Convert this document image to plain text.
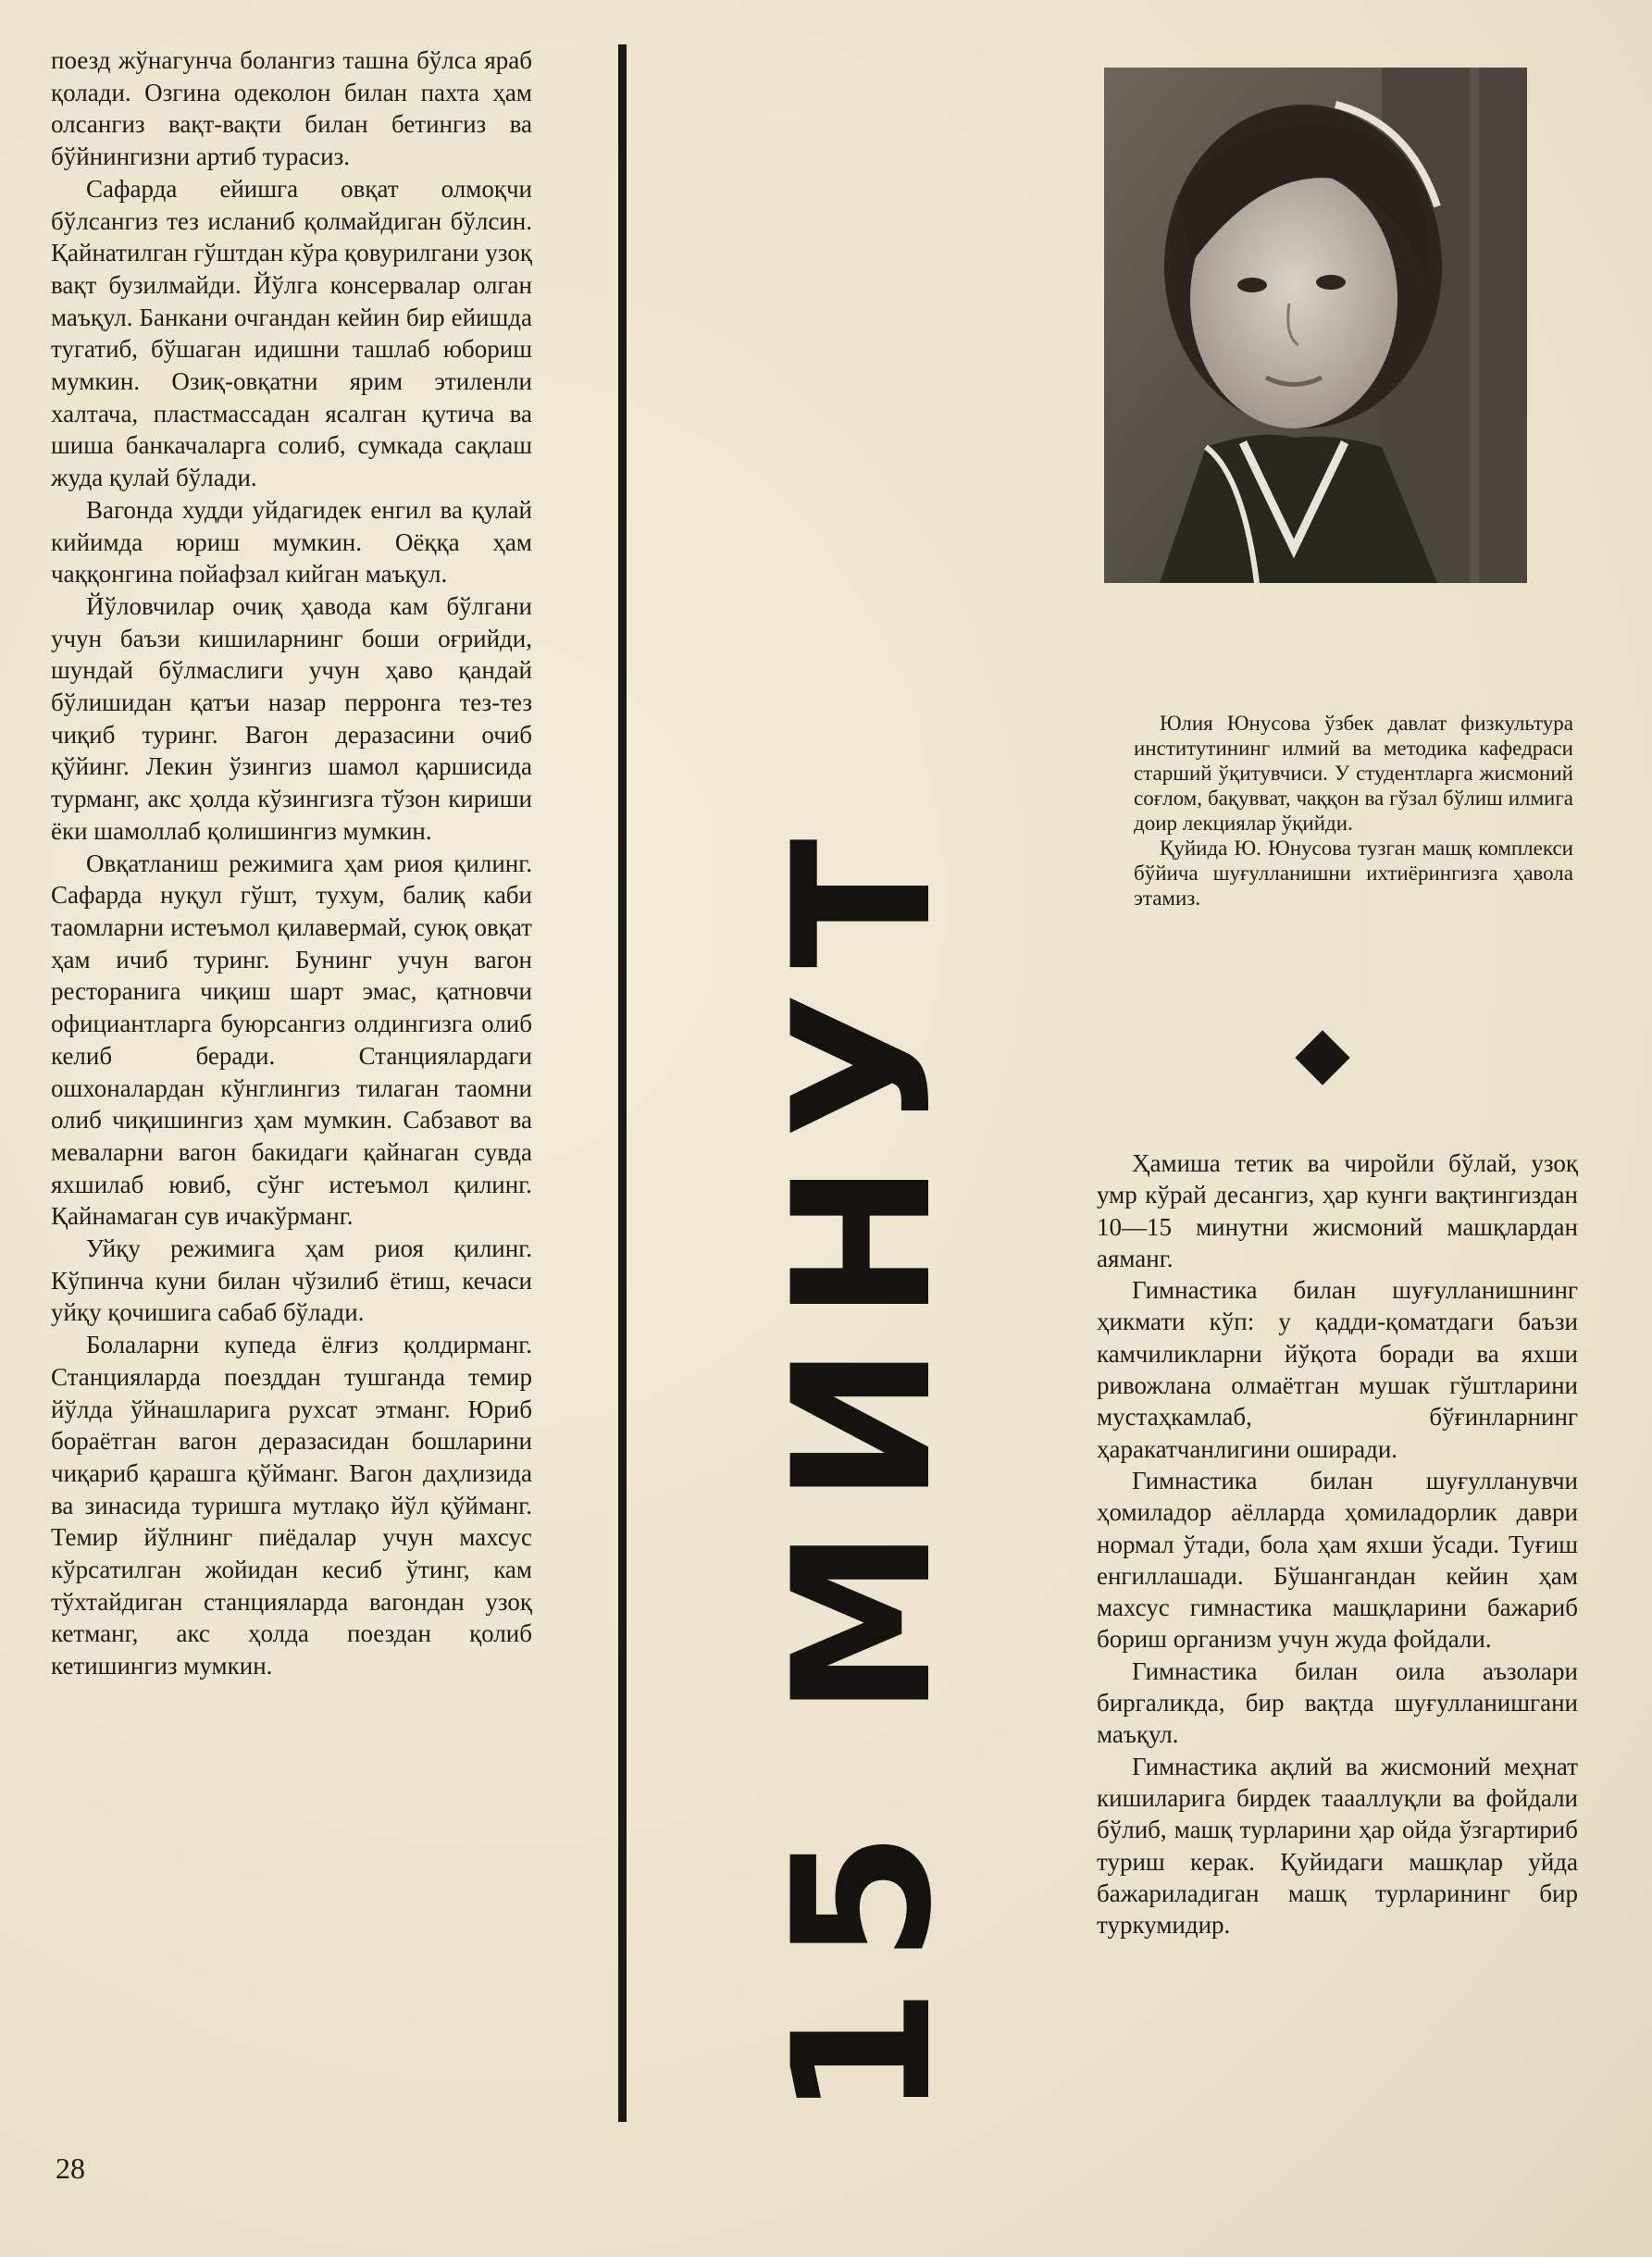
поезд жўнагунча болангиз ташна бўлса яраб қолади. Озгина одеколон билан пахта ҳам олсангиз вақт-вақти билан бетингиз ва бўйнингизни артиб турасиз.

Сафарда ейишга овқат олмоқчи бўлсангиз тез исланиб қолмайдиган бўлсин. Қайнатилган гўштдан кўра қовурилгани узоқ вақт бузилмайди. Йўлга консервалар олган маъқул. Банкани очгандан кейин бир ейишда тугатиб, бўшаган идишни ташлаб юбориш мумкин. Озиқ-овқатни ярим этиленли халтача, пластмассадан ясалган қутича ва шиша банкачаларга солиб, сумкада сақлаш жуда қулай бўлади.

Вагонда худди уйдагидек енгил ва қулай кийимда юриш мумкин. Оёққа ҳам чаққонгина пойафзал кийган маъқул.

Йўловчилар очиқ ҳавода кам бўлгани учун баъзи кишиларнинг боши оғрийди, шундай бўлмаслиги учун ҳаво қандай бўлишидан қатъи назар перронга тез-тез чиқиб туринг. Вагон деразасини очиб қўйинг. Лекин ўзингиз шамол қаршисида турманг, акс ҳолда кўзингизга тўзон кириши ёки шамоллаб қолишингиз мумкин.

Овқатланиш режимига ҳам риоя қилинг. Сафарда нуқул гўшт, тухум, балиқ каби таомларни истеъмол қилавермай, суюқ овқат ҳам ичиб туринг. Бунинг учун вагон ресторанига чиқиш шарт эмас, қатновчи официантларга буюрсангиз олдингизга олиб келиб беради. Станциялардаги ошхоналардан кўнглингиз тилаган таомни олиб чиқишингиз ҳам мумкин. Сабзавот ва меваларни вагон бакидаги қайнаган сувда яхшилаб ювиб, сўнг истеъмол қилинг. Қайнамаган сув ичакўрманг.

Уйқу режимига ҳам риоя қилинг. Кўпинча куни билан чўзилиб ётиш, кечаси уйқу қочишига сабаб бўлади.

Болаларни купеда ёлғиз қолдирманг. Станцияларда поезддан тушганда темир йўлда ўйнашларига рухсат этманг. Юриб бораётган вагон деразасидан бошларини чиқариб қарашга қўйманг. Вагон даҳлизида ва зинасида туришга мутлақо йўл қўйманг. Темир йўлнинг пиёдалар учун махсус кўрсатилган жойидан кесиб ўтинг, кам тўхтайдиган станцияларда вагондан узоқ кетманг, акс ҳолда поездан қолиб кетишингиз мумкин.	15 МИНУТ

Юлия Юнусова ўзбек давлат физкультура институтининг илмий ва методика кафедраси старший ўқитувчиси. У студентларга жисмоний соғлом, бақувват, чаққон ва гўзал бўлиш илмига доир лекциялар ўқийди.

Қуйида Ю. Юнусова тузган машқ комплекси бўйича шуғулланишни ихтиёрингизга ҳавола этамиз.

Ҳамиша тетик ва чиройли бўлай, узоқ умр кўрай десангиз, ҳар кунги вақтингиздан 10—15 минутни жисмоний машқлардан аяманг.

Гимнастика билан шуғулланишнинг ҳикмати кўп: у қадди-қоматдаги баъзи камчиликларни йўқота боради ва яхши ривожлана олмаётган мушак гўштларини мустаҳкамлаб, бўғинларнинг ҳаракатчанлигини оширади.

Гимнастика билан шуғулланувчи ҳомиладор аёлларда ҳомиладорлик даври нормал ўтади, бола ҳам яхши ўсади. Туғиш енгиллашади. Бўшангандан кейин ҳам махсус гимнастика машқларини бажариб бориш организм учун жуда фойдали.

Гимнастика билан оила аъзолари биргаликда, бир вақтда шуғулланишгани маъқул.

Гимнастика ақлий ва жисмоний меҳнат кишиларига бирдек таааллуқли ва фойдали бўлиб, машқ турларини ҳар ойда ўзгартириб туриш керак. Қуйидаги машқлар уйда бажариладиган машқ турларининг бир туркумидир.

28
